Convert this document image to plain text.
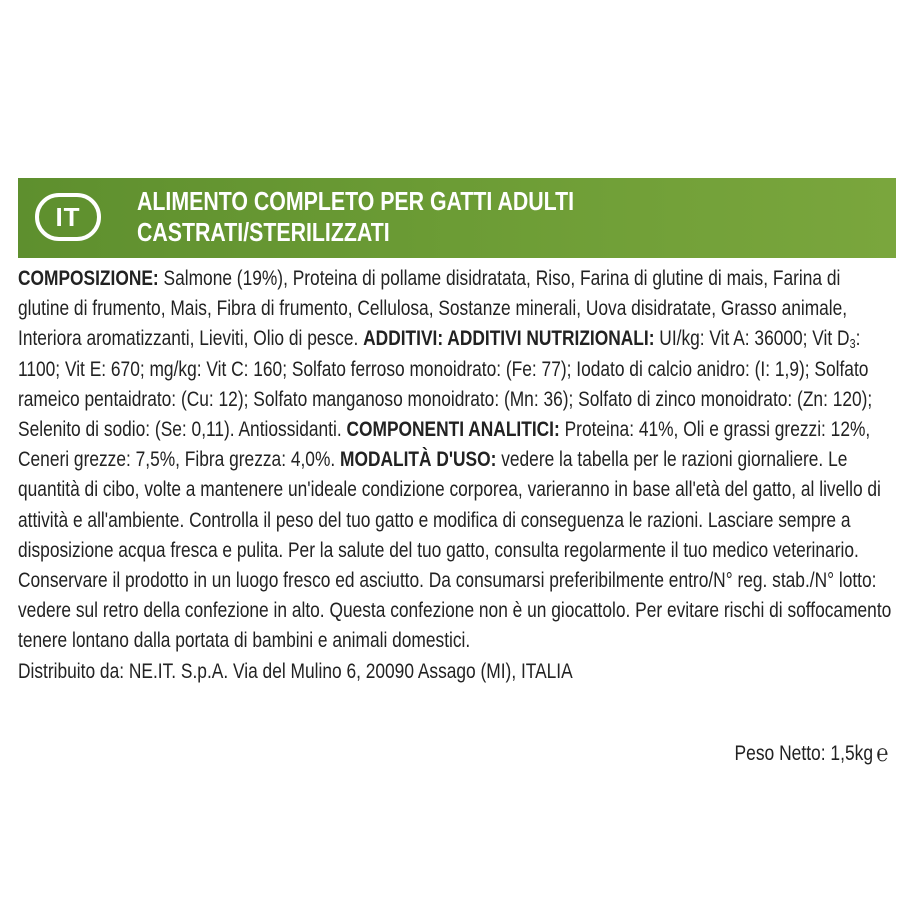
IT
ALIMENTO COMPLETO PER GATTI ADULTI
CASTRATI/STERILIZZATI
COMPOSIZIONE: Salmone (19%), Proteina di pollame disidratata, Riso, Farina di glutine di mais, Farina di glutine di frumento, Mais, Fibra di frumento, Cellulosa, Sostanze minerali, Uova disidratate, Grasso animale, Interiora aromatizzanti, Lieviti, Olio di pesce. ADDITIVI: ADDITIVI NUTRIZIONALI: UI/kg: Vit A: 36000; Vit $D_3$: 1100; Vit E: 670; mg/kg: Vit C: 160; Solfato ferroso monoidrato: (Fe: 77); Iodato di calcio anidro: (I: 1,9); Solfato rameico pentaidrato: (Cu: 12); Solfato manganoso monoidrato: (Mn: 36); Solfato di zinco monoidrato: (Zn: 120); Selenito di sodio: (Se: 0,11). Antiossidanti. COMPONENTI ANALITICI: Proteina: 41%, Oli e grassi grezzi: 12%, Ceneri grezze: 7,5%, Fibra grezza: 4,0%. MODALITÀ D'USO: vedere la tabella per le razioni giornaliere. Le quantità di cibo, volte a mantenere un'ideale condizione corporea, varieranno in base all'età del gatto, al livello di attività e all'ambiente. Controlla il peso del tuo gatto e modifica di conseguenza le razioni. Lasciare sempre a disposizione acqua fresca e pulita. Per la salute del tuo gatto, consulta regolarmente il tuo medico veterinario. Conservare il prodotto in un luogo fresco ed asciutto. Da consumarsi preferibilmente entro/N° reg. stab./N° lotto: vedere sul retro della confezione in alto. Questa confezione non è un giocattolo. Per evitare rischi di soffocamento tenere lontano dalla portata di bambini e animali domestici.
Distribuito da: NE.IT. S.p.A. Via del Mulino 6, 20090 Assago (MI), ITALIA
Peso Netto: 1,5kg ℮
